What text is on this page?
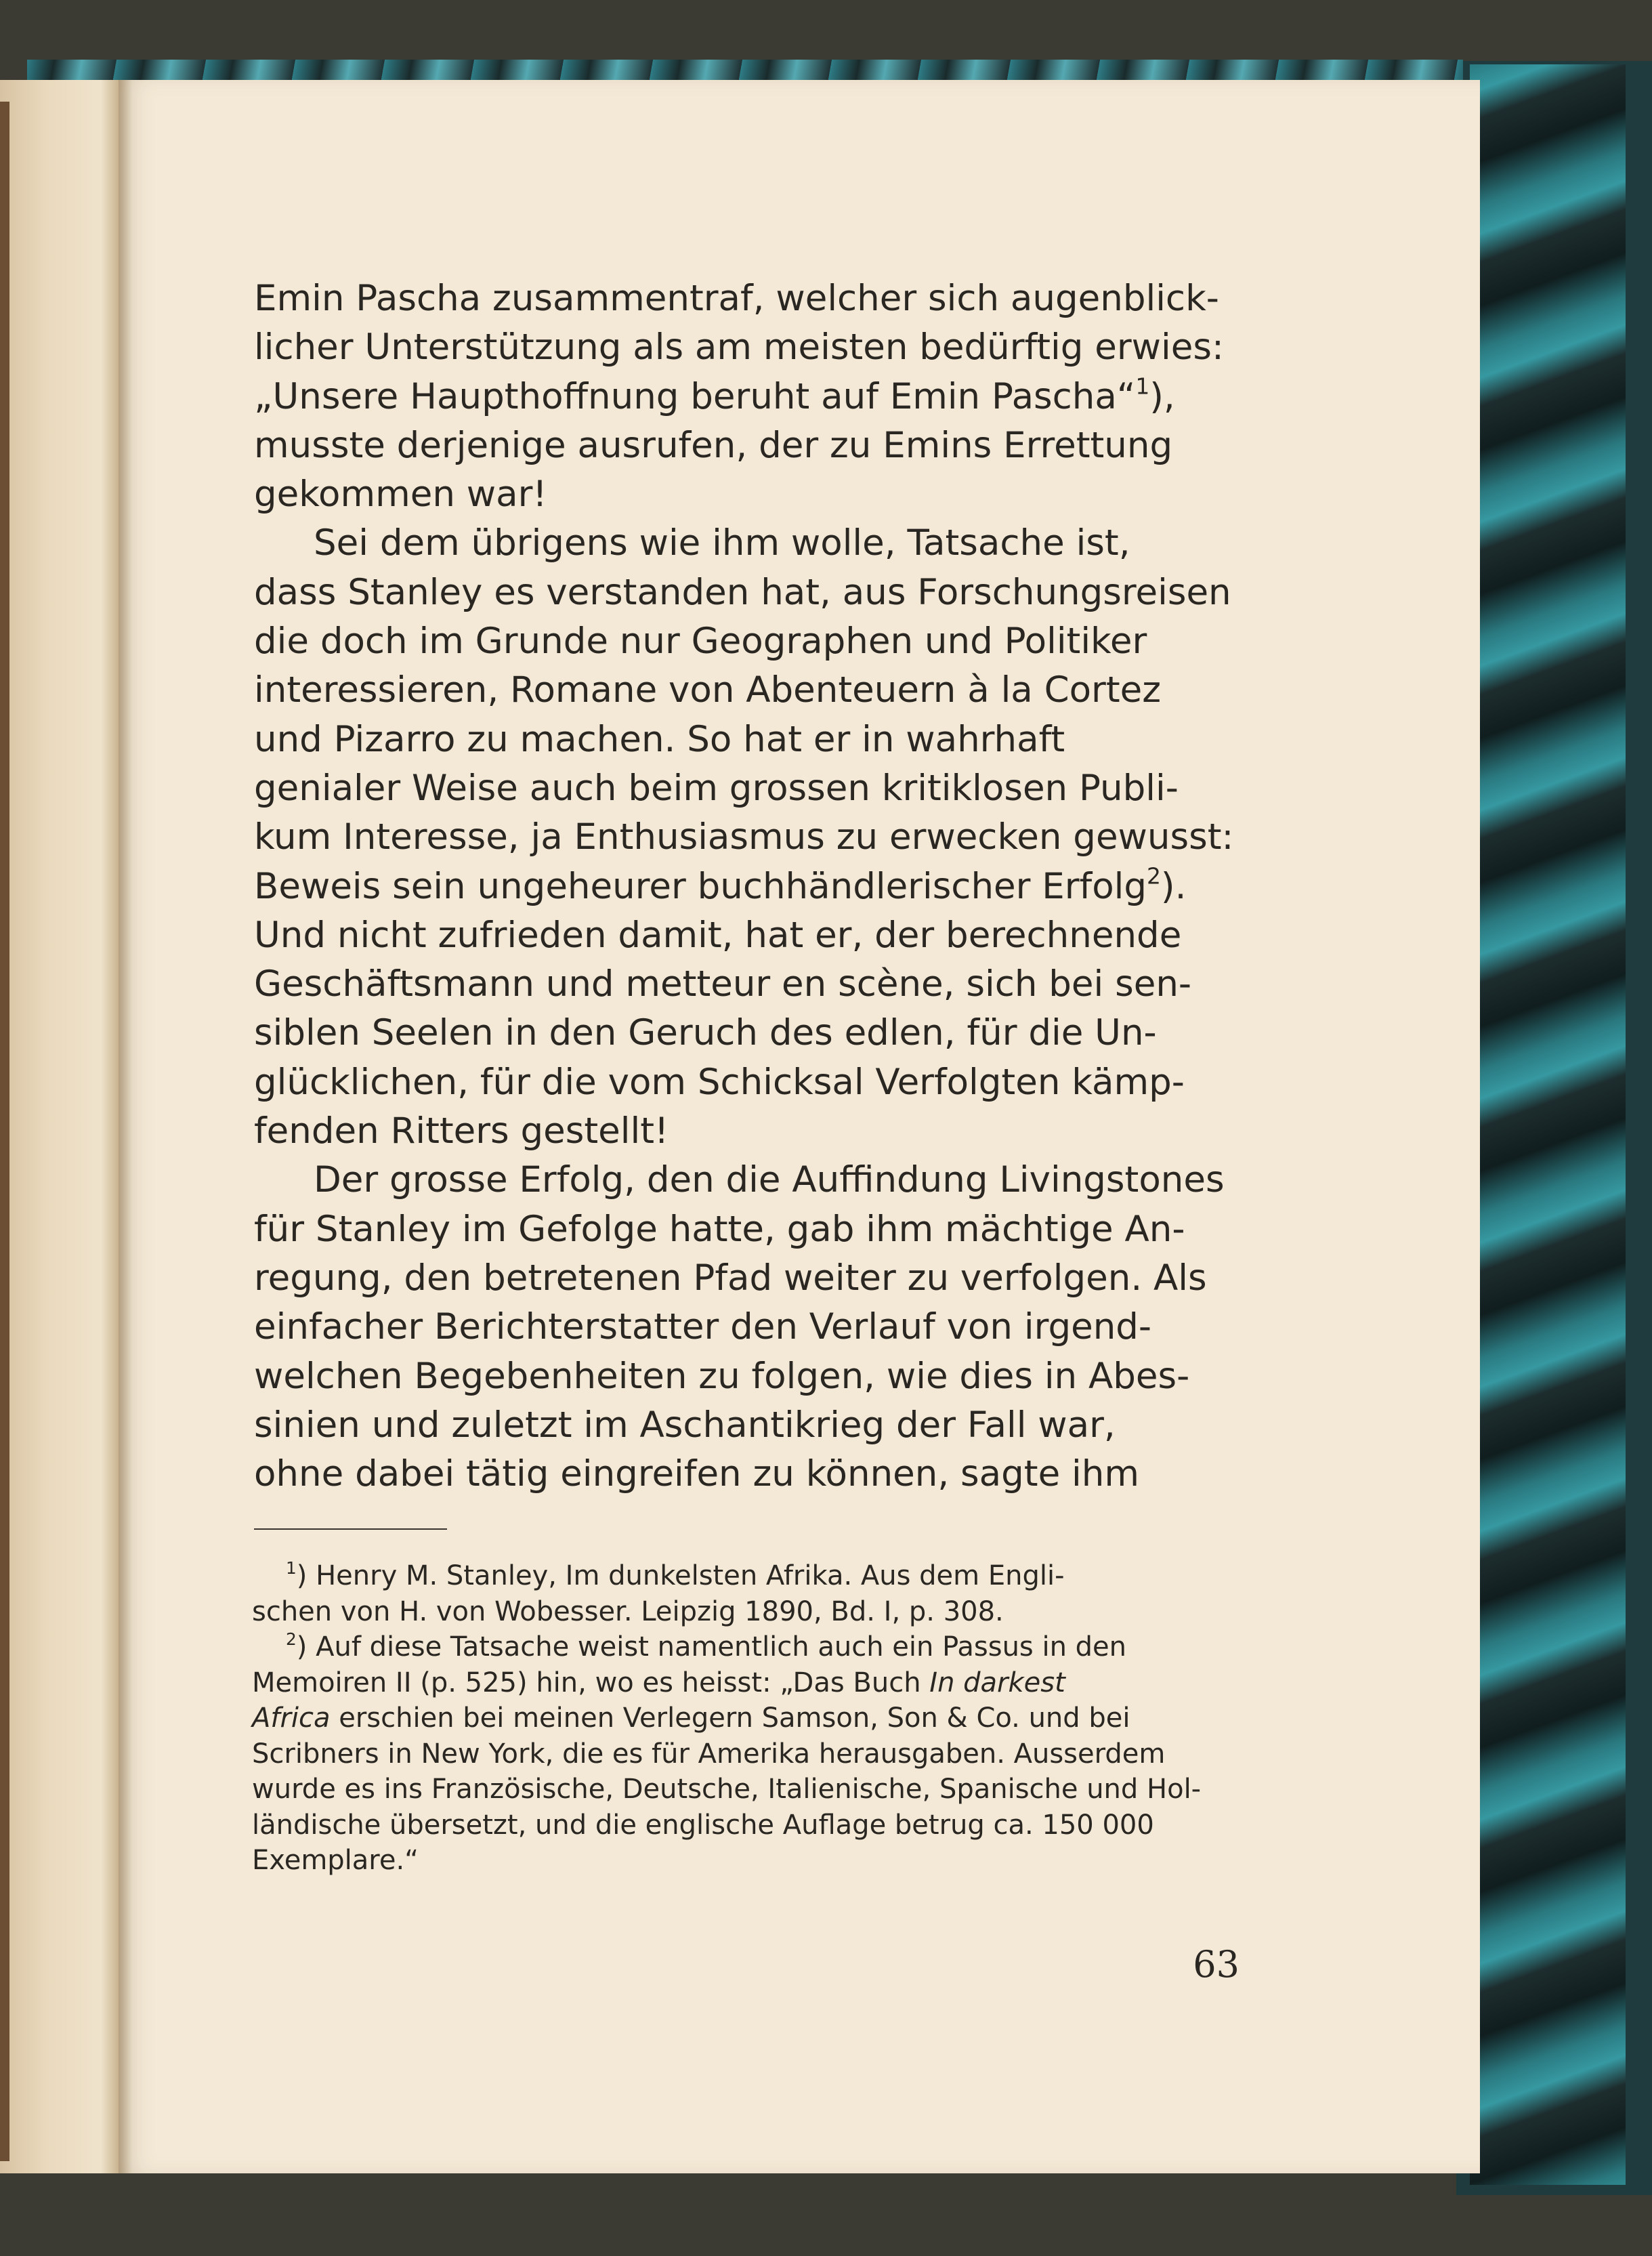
Emin Pascha zusammentraf, welcher sich augenblick-
licher Unterstützung als am meisten bedürftig erwies:
„Unsere Haupthoffnung beruht auf Emin Pascha“$^1$),
musste derjenige ausrufen, der zu Emins Errettung
gekommen war!
Sei dem übrigens wie ihm wolle, Tatsache ist,
dass Stanley es verstanden hat, aus Forschungsreisen
die doch im Grunde nur Geographen und Politiker
interessieren, Romane von Abenteuern à la Cortez
und Pizarro zu machen. So hat er in wahrhaft
genialer Weise auch beim grossen kritiklosen Publi-
kum Interesse, ja Enthusiasmus zu erwecken gewusst:
Beweis sein ungeheurer buchhändlerischer Erfolg$^2$).
Und nicht zufrieden damit, hat er, der berechnende
Geschäftsmann und metteur en scène, sich bei sen-
siblen Seelen in den Geruch des edlen, für die Un-
glücklichen, für die vom Schicksal Verfolgten kämp-
fenden Ritters gestellt!
Der grosse Erfolg, den die Auffindung Livingstones
für Stanley im Gefolge hatte, gab ihm mächtige An-
regung, den betretenen Pfad weiter zu verfolgen. Als
einfacher Berichterstatter den Verlauf von irgend-
welchen Begebenheiten zu folgen, wie dies in Abes-
sinien und zuletzt im Aschantikrieg der Fall war,
ohne dabei tätig eingreifen zu können, sagte ihm
$^1$) Henry M. Stanley, Im dunkelsten Afrika. Aus dem Engli-
schen von H. von Wobesser. Leipzig 1890, Bd. I, p. 308.
$^2$) Auf diese Tatsache weist namentlich auch ein Passus in den
Memoiren II (p. 525) hin, wo es heisst: „Das Buch In darkest
Africa erschien bei meinen Verlegern Samson, Son & Co. und bei
Scribners in New York, die es für Amerika herausgaben. Ausserdem
wurde es ins Französische, Deutsche, Italienische, Spanische und Hol-
ländische übersetzt, und die englische Auflage betrug ca. 150 000
Exemplare.“
63
